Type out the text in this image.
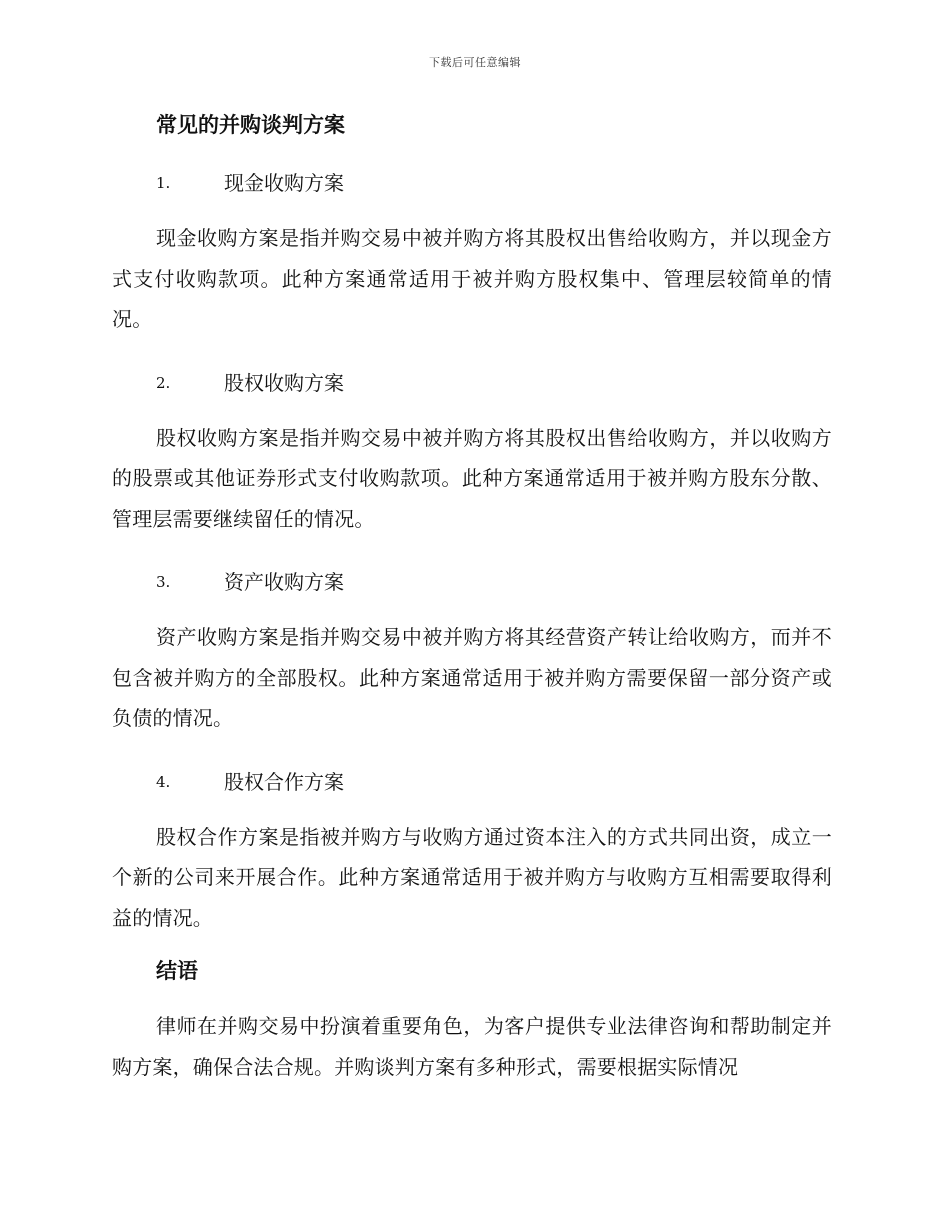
下载后可任意编辑
常见的并购谈判方案
1.	现金收购方案

现金收购方案是指并购交易中被并购方将其股权出售给收购方，并以现金方式支付收购款项。此种方案通常适用于被并购方股权集中、管理层较简单的情况。

2.	股权收购方案

股权收购方案是指并购交易中被并购方将其股权出售给收购方，并以收购方的股票或其他证券形式支付收购款项。此种方案通常适用于被并购方股东分散、管理层需要继续留任的情况。

3.	资产收购方案

资产收购方案是指并购交易中被并购方将其经营资产转让给收购方，而并不包含被并购方的全部股权。此种方案通常适用于被并购方需要保留一部分资产或负债的情况。

4.	股权合作方案

股权合作方案是指被并购方与收购方通过资本注入的方式共同出资，成立一个新的公司来开展合作。此种方案通常适用于被并购方与收购方互相需要取得利益的情况。

结语

律师在并购交易中扮演着重要角色，为客户提供专业法律咨询和帮助制定并购方案，确保合法合规。并购谈判方案有多种形式，需要根据实际情况
